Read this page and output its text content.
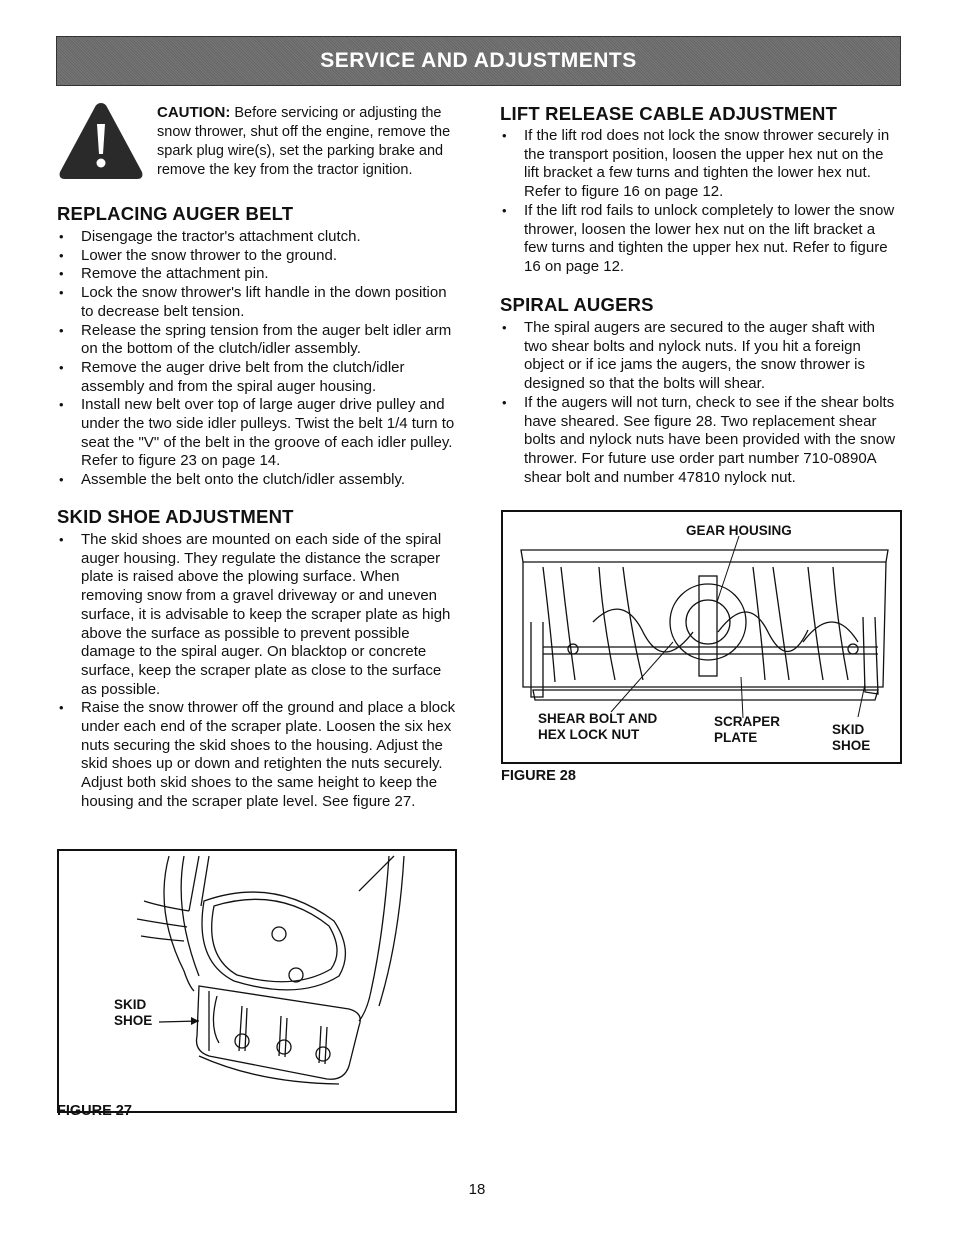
SERVICE AND ADJUSTMENTS
CAUTION: Before servicing or adjusting the snow thrower, shut off the engine, remove the spark plug wire(s), set the parking brake and remove the key from the tractor ignition.
REPLACING AUGER BELT
• Disengage the tractor's attachment clutch.
• Lower the snow thrower to the ground.
• Remove the attachment pin.
• Lock the snow thrower's lift handle in the down position to decrease belt tension.
• Release the spring tension from the auger belt idler arm on the bottom of the clutch/idler assembly.
• Remove the auger drive belt from the clutch/idler assembly and from the spiral auger housing.
• Install new belt over top of large auger drive pulley and under the two side idler pulleys. Twist the belt 1/4 turn to seat the "V" of the belt in the groove of each idler pulley. Refer to figure 23 on page 14.
• Assemble the belt onto the clutch/idler assembly.
SKID SHOE ADJUSTMENT
• The skid shoes are mounted on each side of the spiral auger housing. They regulate the distance the scraper plate is raised above the plowing surface. When removing snow from a gravel driveway or and uneven surface, it is advisable to keep the scraper plate as high above the surface as possible to prevent possible damage to the spiral auger. On blacktop or concrete surface, keep the scraper plate as close to the surface as possible.
• Raise the snow thrower off the ground and place a block under each end of the scraper plate. Loosen the six hex nuts securing the skid shoes to the housing. Adjust the skid shoes up or down and retighten the nuts securely. Adjust both skid shoes to the same height to keep the housing and the scraper plate level. See figure 27.
LIFT RELEASE CABLE ADJUSTMENT
• If the lift rod does not lock the snow thrower securely in the transport position, loosen the upper hex nut on the lift bracket a few turns and tighten the lower hex nut. Refer to figure 16 on page 12.
• If the lift rod fails to unlock completely to lower the snow thrower, loosen the lower hex nut on the lift bracket a few turns and tighten the upper hex nut. Refer to figure 16 on page 12.
SPIRAL AUGERS
• The spiral augers are secured to the auger shaft with two shear bolts and nylock nuts. If you hit a foreign object or if ice jams the augers, the snow thrower is designed so that the bolts will shear.
• If the augers will not turn, check to see if the shear bolts have sheared. See figure 28. Two replacement shear bolts and nylock nuts have been provided with the snow thrower. For future use order part number 710-0890A shear bolt and number 47810 nylock nut.
GEAR HOUSING
SHEAR BOLT AND
HEX LOCK NUT
SCRAPER
PLATE
SKID
SHOE
FIGURE 28
SKID
SHOE
FIGURE 27
18
